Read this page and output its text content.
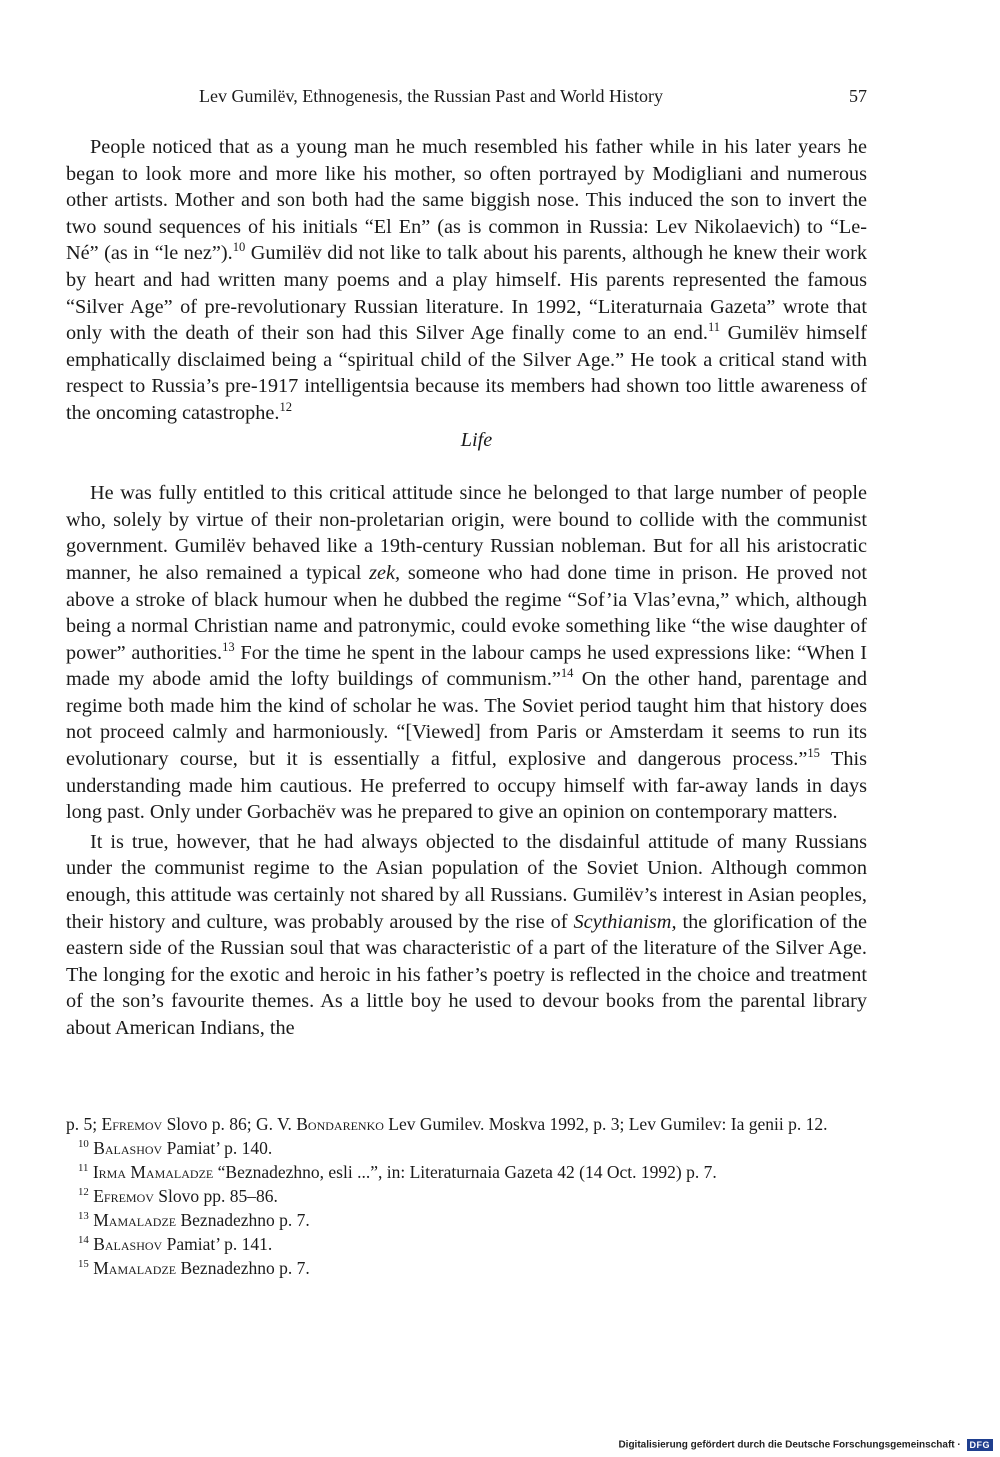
Lev Gumilëv, Ethnogenesis, the Russian Past and World History	57

People noticed that as a young man he much resembled his father while in his later years he began to look more and more like his mother, so often portrayed by Modigliani and numerous other artists. Mother and son both had the same biggish nose. This induced the son to invert the two sound sequences of his initials “El En” (as is common in Russia: Lev Nikolaevich) to “Le-Né” (as in “le nez”).$^{10}$ Gumilëv did not like to talk about his parents, although he knew their work by heart and had written many poems and a play himself. His parents represented the famous “Silver Age” of pre-revolutionary Russian literature. In 1992, “Literaturnaia Gazeta” wrote that only with the death of their son had this Silver Age finally come to an end.$^{11}$ Gumilëv himself emphatically disclaimed being a “spiritual child of the Silver Age.” He took a critical stand with respect to Russia’s pre-1917 intelligentsia because its members had shown too little awareness of the oncoming catastrophe.$^{12}$

Life

He was fully entitled to this critical attitude since he belonged to that large number of people who, solely by virtue of their non-proletarian origin, were bound to collide with the communist government. Gumilëv behaved like a 19th-century Russian nobleman. But for all his aristocratic manner, he also remained a typical zek, someone who had done time in prison. He proved not above a stroke of black humour when he dubbed the regime “Sof’ia Vlas’evna,” which, although being a normal Christian name and patronymic, could evoke something like “the wise daughter of power” authorities.$^{13}$ For the time he spent in the labour camps he used expressions like: “When I made my abode amid the lofty buildings of communism.”$^{14}$ On the other hand, parentage and regime both made him the kind of scholar he was. The Soviet period taught him that history does not proceed calmly and harmoniously. “[Viewed] from Paris or Amsterdam it seems to run its evolutionary course, but it is essentially a fitful, explosive and dangerous process.”$^{15}$ This understanding made him cautious. He preferred to occupy himself with far-away lands in days long past. Only under Gorbachëv was he prepared to give an opinion on contemporary matters.

It is true, however, that he had always objected to the disdainful attitude of many Russians under the communist regime to the Asian population of the Soviet Union. Although common enough, this attitude was certainly not shared by all Russians. Gumilëv’s interest in Asian peoples, their history and culture, was probably aroused by the rise of Scythianism, the glorification of the eastern side of the Russian soul that was characteristic of a part of the literature of the Silver Age. The longing for the exotic and heroic in his father’s poetry is reflected in the choice and treatment of the son’s favourite themes. As a little boy he used to devour books from the parental library about American Indians, the

p. 5; Efremov Slovo p. 86; G. V. Bondarenko Lev Gumilev. Moskva 1992, p. 3; Lev Gumilev: Ia genii p. 12.

$^{10}$ Balashov Pamiat’ p. 140.

$^{11}$ Irma Mamaladze “Beznadezhno, esli ...”, in: Literaturnaia Gazeta 42 (14 Oct. 1992) p. 7.

$^{12}$ Efremov Slovo pp. 85–86.

$^{13}$ Mamaladze Beznadezhno p. 7.

$^{14}$ Balashov Pamiat’ p. 141.

$^{15}$ Mamaladze Beznadezhno p. 7.

Digitalisierung gefördert durch die Deutsche Forschungsgemeinschaft · DFG
